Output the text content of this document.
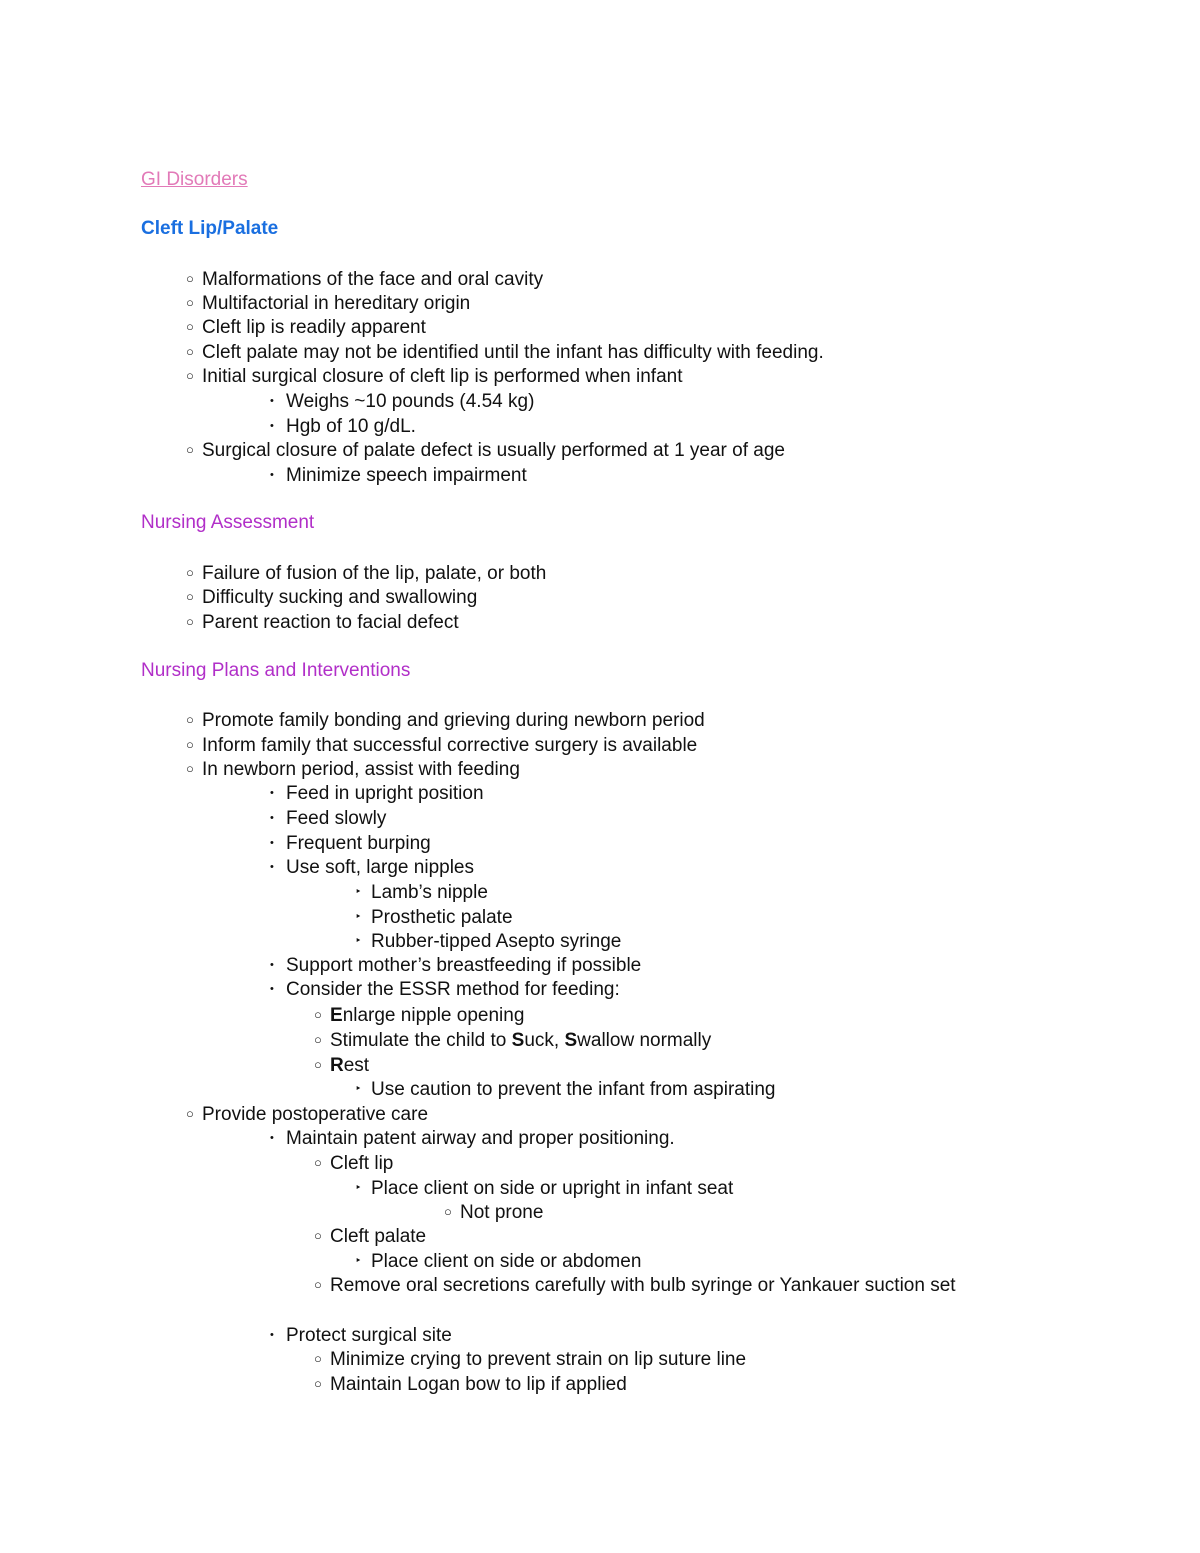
GI Disorders
Cleft Lip/Palate
○ Malformations of the face and oral cavity
○ Multifactorial in hereditary origin
○ Cleft lip is readily apparent
○ Cleft palate may not be identified until the infant has difficulty with feeding.
○ Initial surgical closure of cleft lip is performed when infant
• Weighs ~10 pounds (4.54 kg)
• Hgb of 10 g/dL.
○ Surgical closure of palate defect is usually performed at 1 year of age
• Minimize speech impairment
Nursing Assessment
○ Failure of fusion of the lip, palate, or both
○ Difficulty sucking and swallowing
○ Parent reaction to facial defect
Nursing Plans and Interventions
○ Promote family bonding and grieving during newborn period
○ Inform family that successful corrective surgery is available
○ In newborn period, assist with feeding
• Feed in upright position
• Feed slowly
• Frequent burping
• Use soft, large nipples
‣ Lamb’s nipple
‣ Prosthetic palate
‣ Rubber-tipped Asepto syringe
• Support mother’s breastfeeding if possible
• Consider the ESSR method for feeding:
○ Enlarge nipple opening
○ Stimulate the child to Suck, Swallow normally
○ Rest
‣ Use caution to prevent the infant from aspirating
○ Provide postoperative care
• Maintain patent airway and proper positioning.
○ Cleft lip
‣ Place client on side or upright in infant seat
○ Not prone
○ Cleft palate
‣ Place client on side or abdomen
○ Remove oral secretions carefully with bulb syringe or Yankauer suction set
• Protect surgical site
○ Minimize crying to prevent strain on lip suture line
○ Maintain Logan bow to lip if applied
